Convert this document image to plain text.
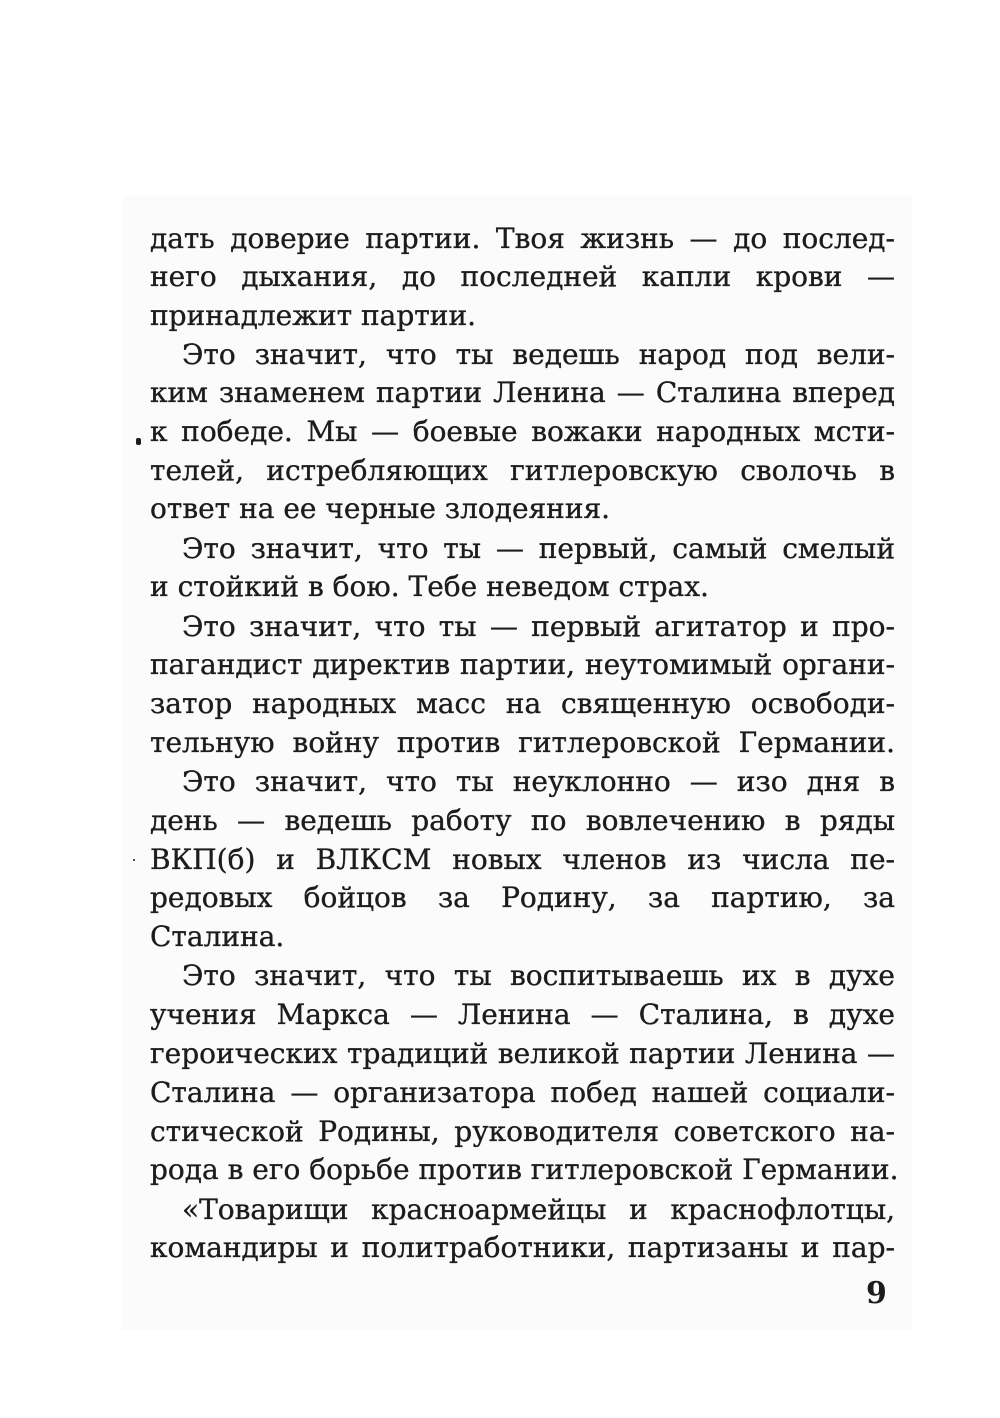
дать доверие партии. Твоя жизнь — до послед-

него дыхания, до последней капли крови —

принадлежит партии.

Это значит, что ты ведешь народ под вели-

ким знаменем партии Ленина — Сталина вперед

к победе. Мы — боевые вожаки народных мсти-

телей, истребляющих гитлеровскую сволочь в

ответ на ее черные злодеяния.

Это значит, что ты — первый, самый смелый

и стойкий в бою. Тебе неведом страх.

Это значит, что ты — первый агитатор и про-

пагандист директив партии, неутомимый органи-

затор народных масс на священную освободи-

тельную войну против гитлеровской Германии.

Это значит, что ты неуклонно — изо дня в

день — ведешь работу по вовлечению в ряды

ВКП(б) и ВЛКСМ новых членов из числа пе-

редовых бойцов за Родину, за партию, за

Сталина.

Это значит, что ты воспитываешь их в духе

учения Маркса — Ленина — Сталина, в духе

героических традиций великой партии Ленина —

Сталина — организатора побед нашей социали-

стической Родины, руководителя советского на-

рода в его борьбе против гитлеровской Германии.

«Товарищи красноармейцы и краснофлотцы,

командиры и политработники, партизаны и пар-

9
